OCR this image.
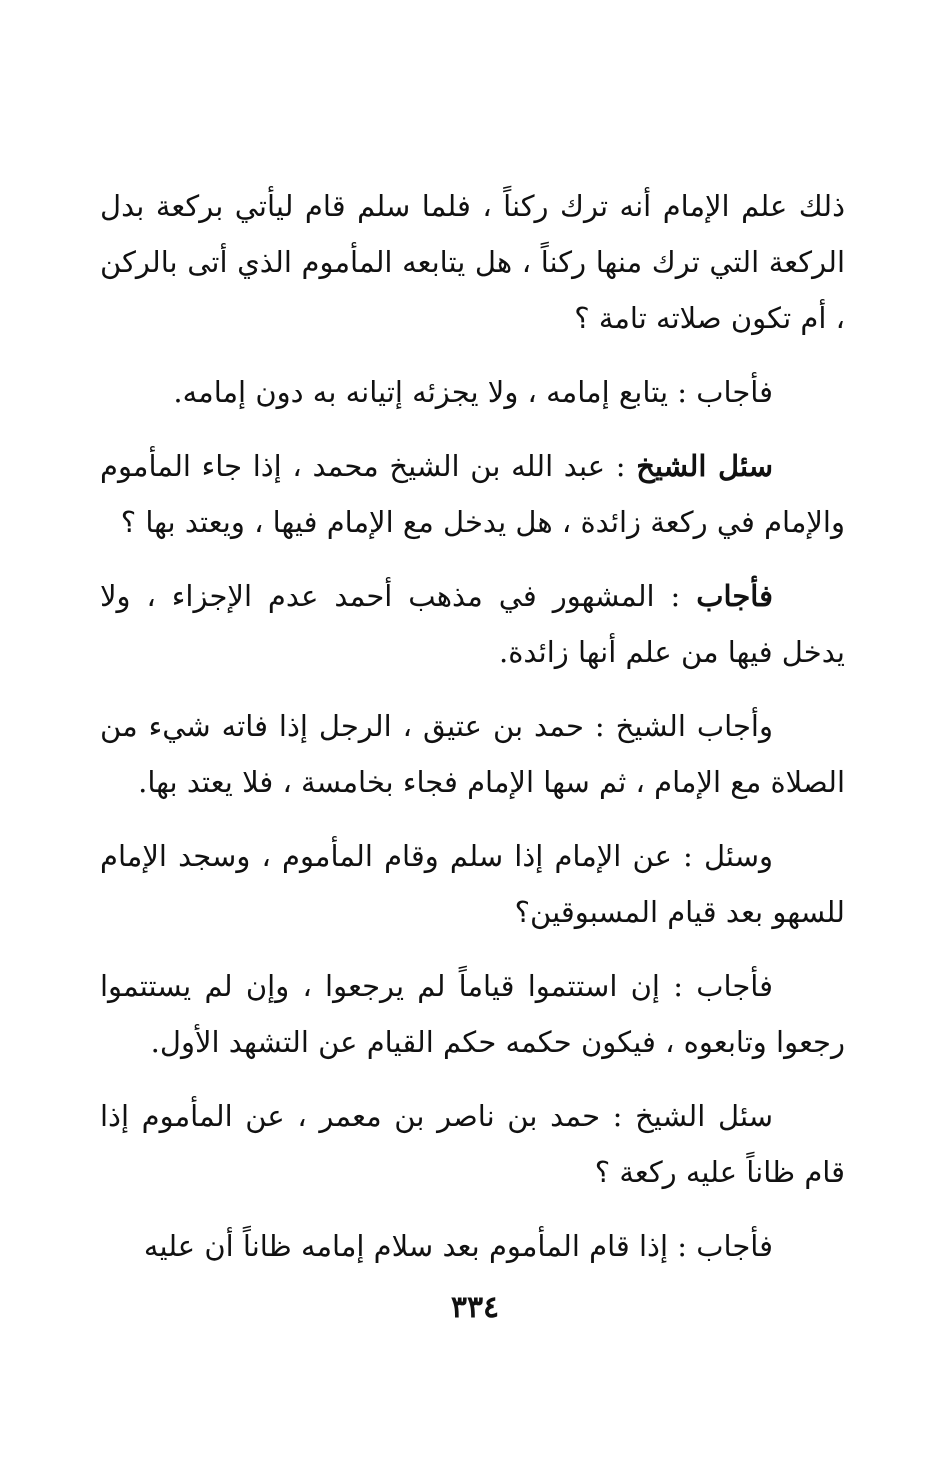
ذلك علم الإمام أنه ترك ركناً ، فلما سلم قام ليأتي بركعة بدل الركعة التي ترك منها ركناً ، هل يتابعه المأموم الذي أتى بالركن ، أم تكون صلاته تامة ؟

فأجاب : يتابع إمامه ، ولا يجزئه إتيانه به دون إمامه.

سئل الشيخ : عبد الله بن الشيخ محمد ، إذا جاء المأموم والإمام في ركعة زائدة ، هل يدخل مع الإمام فيها ، ويعتد بها ؟

فأجاب : المشهور في مذهب أحمد عدم الإجزاء ، ولا يدخل فيها من علم أنها زائدة.

وأجاب الشيخ : حمد بن عتيق ، الرجل إذا فاته شيء من الصلاة مع الإمام ، ثم سها الإمام فجاء بخامسة ، فلا يعتد بها.

وسئل : عن الإمام إذا سلم وقام المأموم ، وسجد الإمام للسهو بعد قيام المسبوقين؟

فأجاب : إن استتموا قياماً لم يرجعوا ، وإن لم يستتموا رجعوا وتابعوه ، فيكون حكمه حكم القيام عن التشهد الأول.

سئل الشيخ : حمد بن ناصر بن معمر ، عن المأموم إذا قام ظاناً عليه ركعة ؟

فأجاب : إذا قام المأموم بعد سلام إمامه ظاناً أن عليه

٣٣٤
